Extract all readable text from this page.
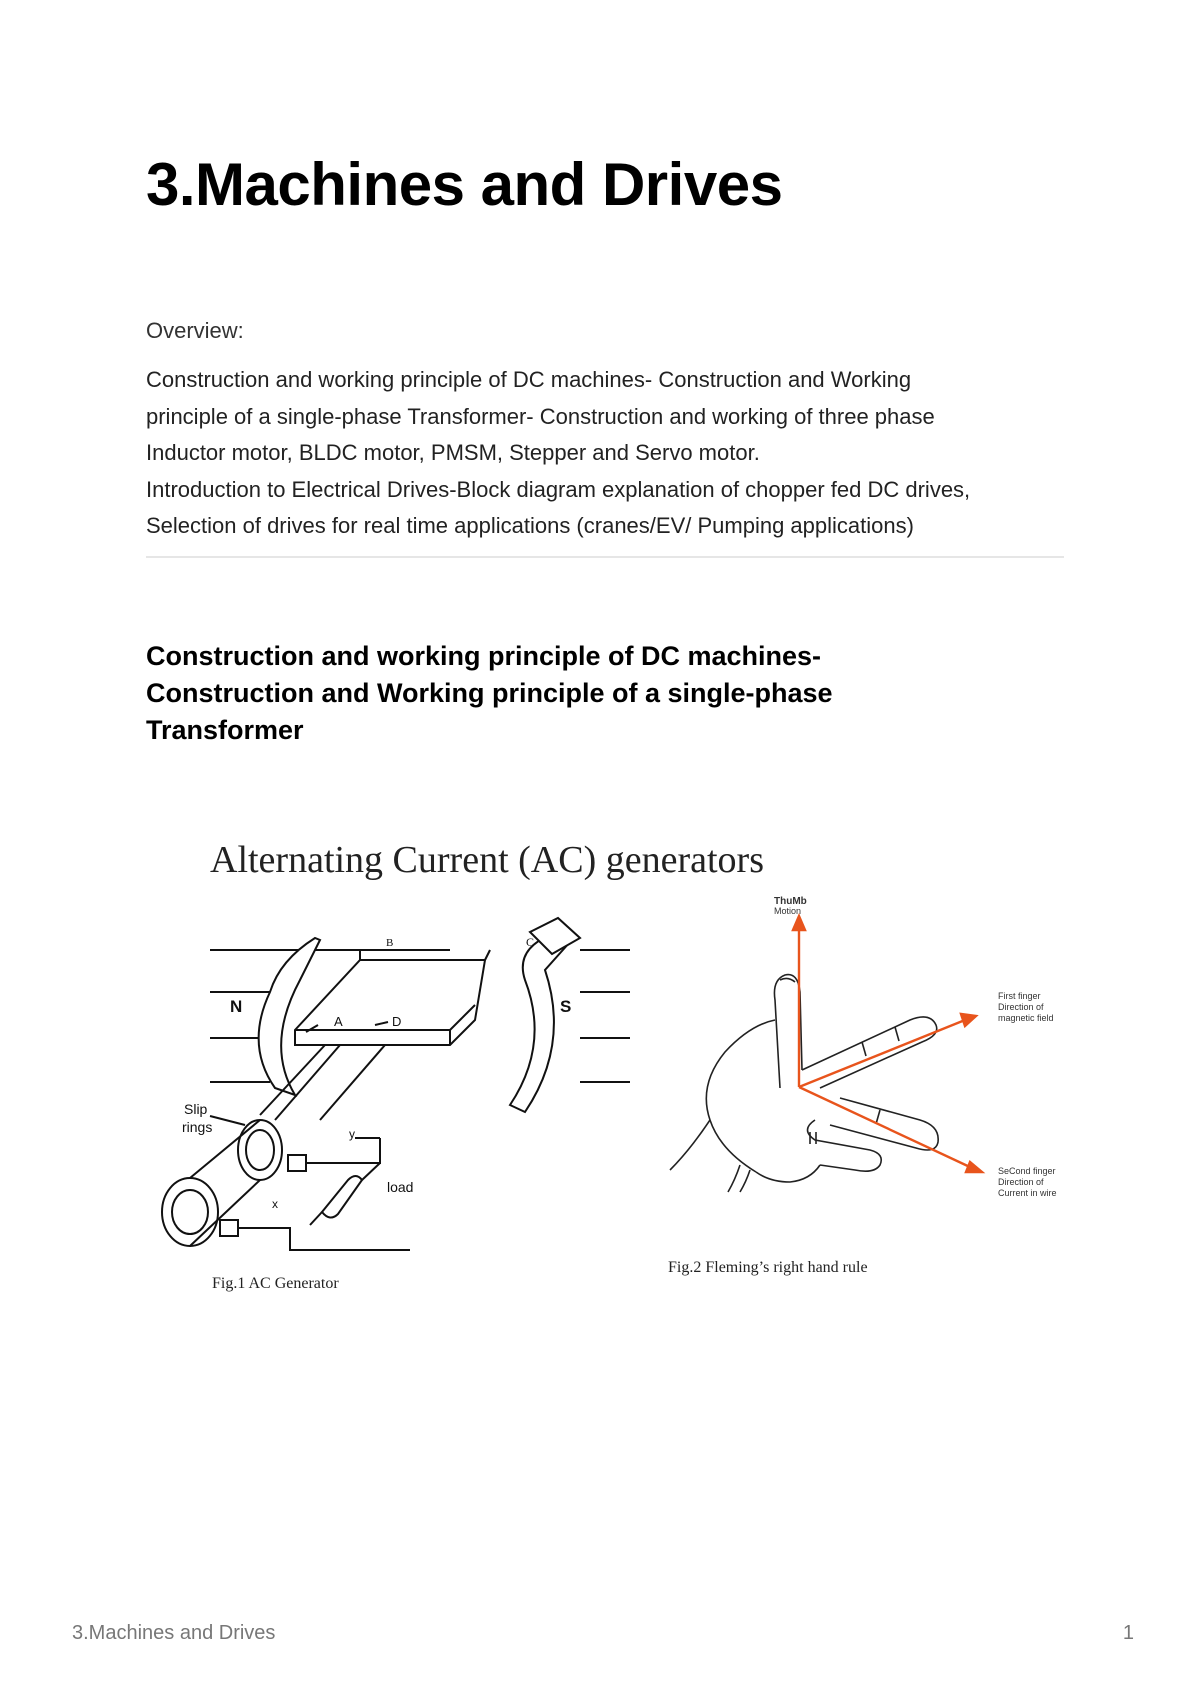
3.Machines and Drives
Overview:

Construction and working principle of DC machines- Construction and Working

principle of a single-phase Transformer- Construction and working of three phase

Inductor motor, BLDC motor, PMSM, Stepper and Servo motor.

Introduction to Electrical Drives-Block diagram explanation of chopper fed DC drives,

Selection of drives for real time applications (cranes/EV/ Pumping applications)

Construction and working principle of DC machines- Construction and Working principle of a single-phase Transformer
Alternating Current (AC) generators
N	S
A
B	C
D
Slip
rings
x
y
load
Fig.1 AC Generator
ThuMb
Motion
First finger
Direction of
magnetic field
SeCond finger
Direction of
Current in wire
Fig.2 Fleming’s right hand rule
3.Machines and Drives	1
